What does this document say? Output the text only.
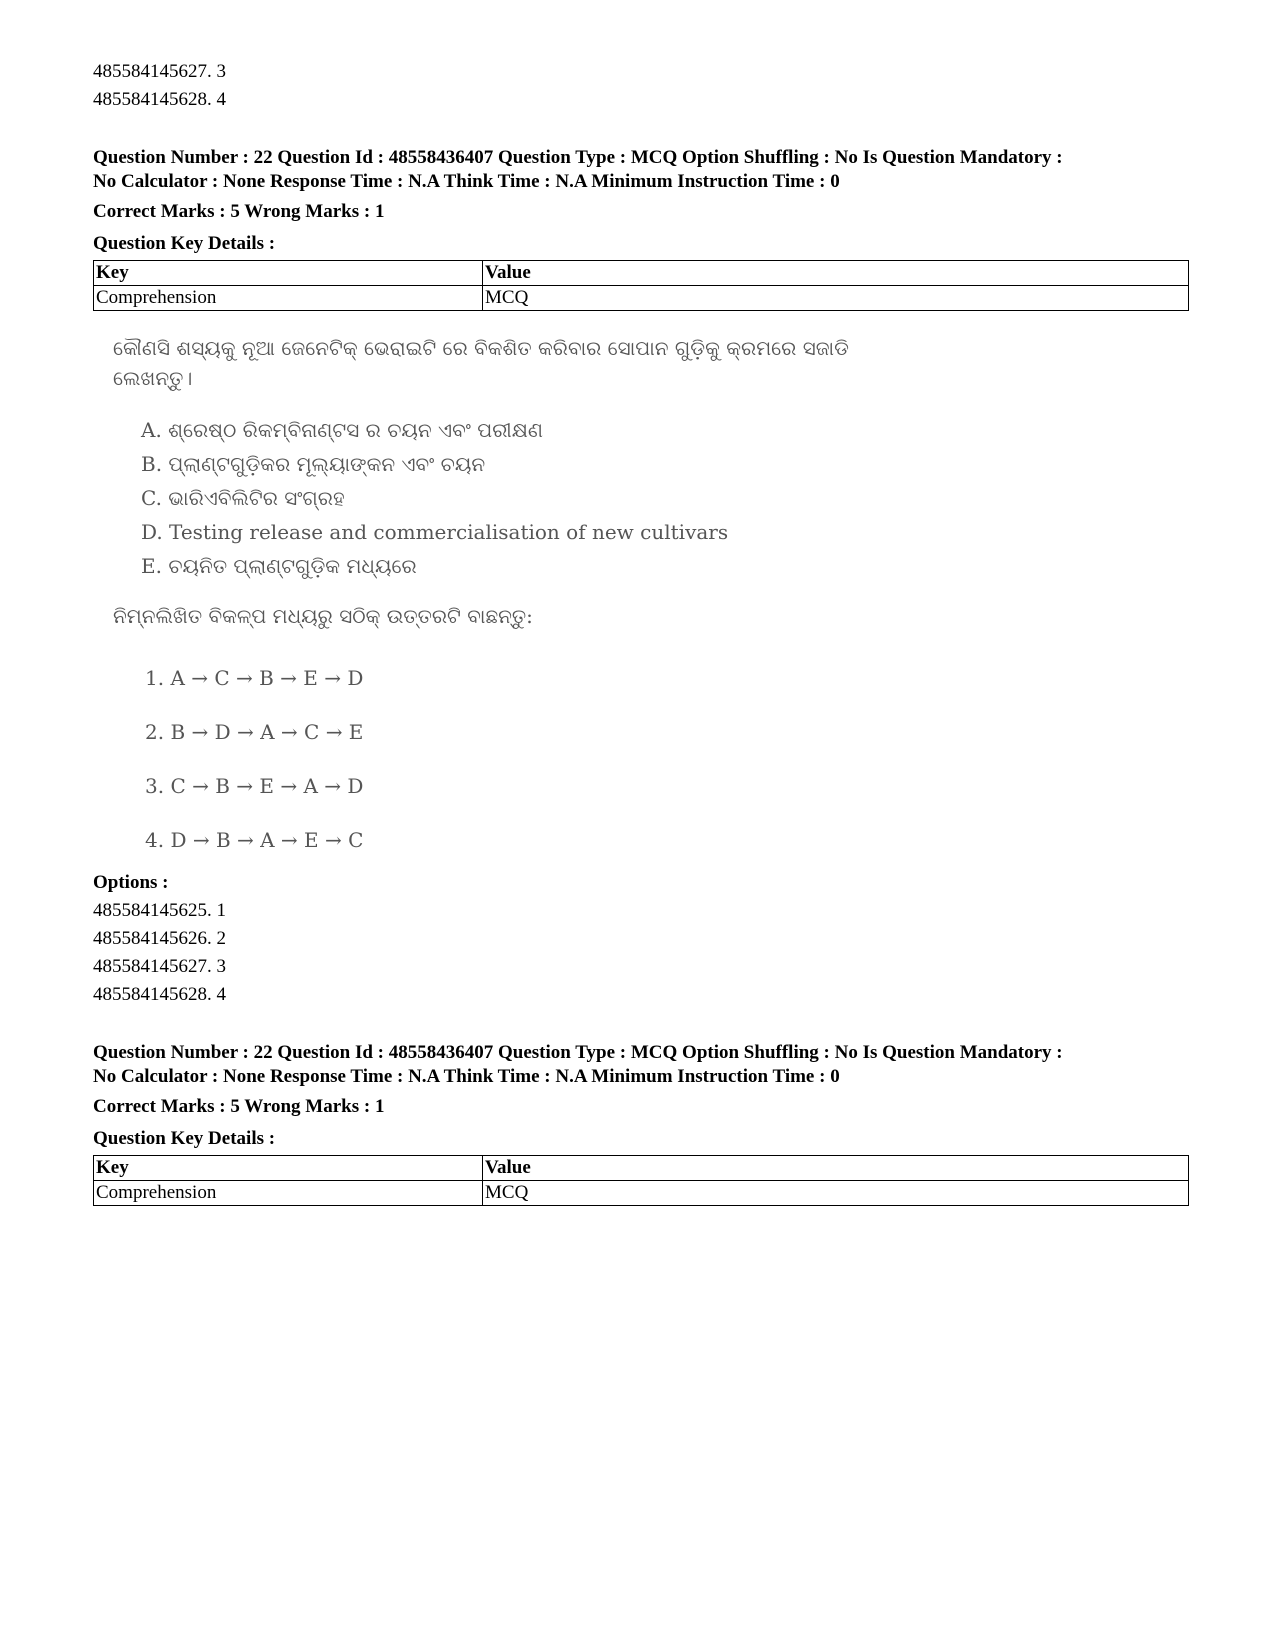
485584145627. 3
485584145628. 4
Question Number : 22 Question Id : 48558436407 Question Type : MCQ Option Shuffling : No Is Question Mandatory :
No Calculator : None Response Time : N.A Think Time : N.A Minimum Instruction Time : 0
Correct Marks : 5 Wrong Marks : 1
Question Key Details :
Key	Value
Comprehension	MCQ
କୌଣସି ଶସ୍ୟକୁ ନୂଆ ଜେନେଟିକ୍ ଭେରାଇଟି ରେ ବିକଶିତ କରିବାର ସୋପାନ ଗୁଡ଼ିକୁ କ୍ରମରେ ସଜାଡି ଲେଖନ୍ତୁ।
A. ଶ୍ରେଷ୍ଠ ରିକମ୍ବିନାଣ୍ଟସ ର ଚୟନ ଏବଂ ପରୀକ୍ଷଣ
B. ପ୍ଲାଣ୍ଟଗୁଡ଼ିକର ମୂଲ୍ୟାଙ୍କନ ଏବଂ ଚୟନ
C. ଭାରିଏବିଲିଟିର ସଂଗ୍ରହ
D. Testing release and commercialisation of new cultivars
E. ଚୟନିତ ପ୍ଲାଣ୍ଟଗୁଡ଼ିକ ମଧ୍ୟରେ
ନିମ୍ନଲିଖିତ ବିକଳ୍ପ ମଧ୍ୟରୁ ସଠିକ୍ ଉତ୍ତରଟି ବାଛନ୍ତୁ:
1. A → C → B → E → D
2. B → D → A → C → E
3. C → B → E → A → D
4. D → B → A → E → C
Options :
485584145625. 1
485584145626. 2
485584145627. 3
485584145628. 4
Question Number : 22 Question Id : 48558436407 Question Type : MCQ Option Shuffling : No Is Question Mandatory :
No Calculator : None Response Time : N.A Think Time : N.A Minimum Instruction Time : 0
Correct Marks : 5 Wrong Marks : 1
Question Key Details :
Key	Value
Comprehension	MCQ
